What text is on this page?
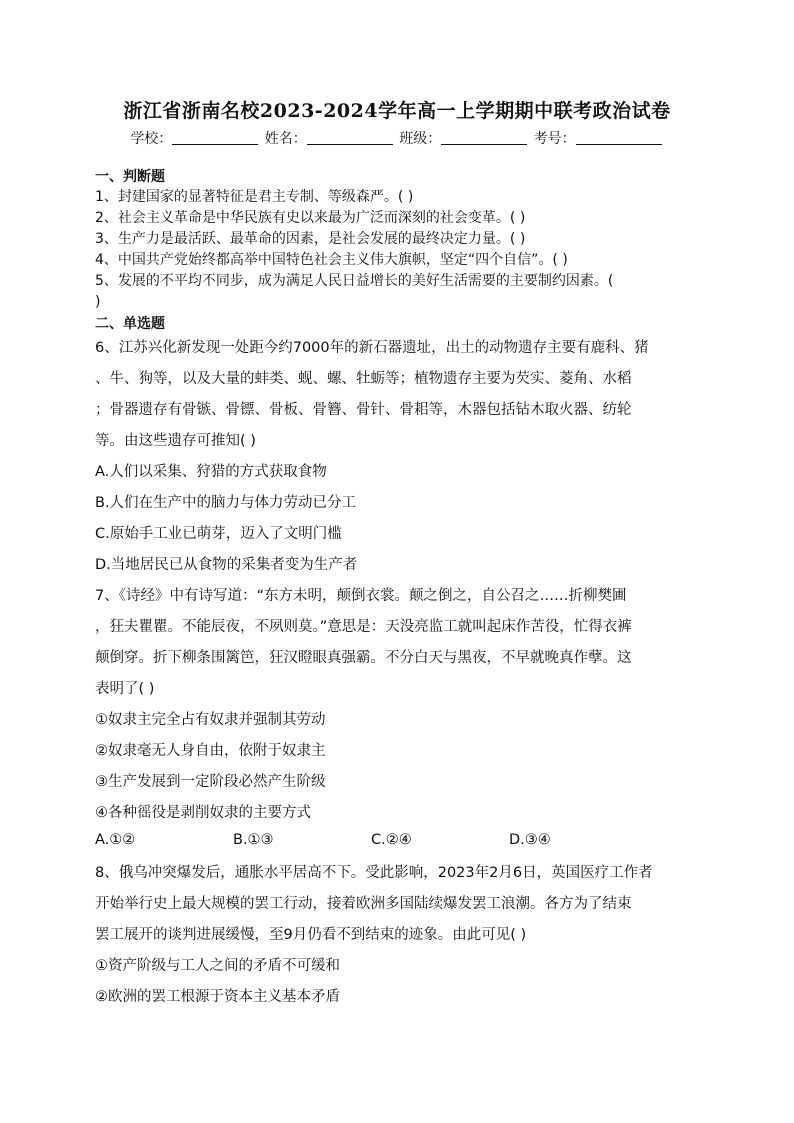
浙江省浙南名校2023-2024学年高一上学期期中联考政治试卷
学校：	姓名：	班级：	考号：
一、判断题
1、封建国家的显著特征是君主专制、等级森严。( )
2、社会主义革命是中华民族有史以来最为广泛而深刻的社会变革。( )
3、生产力是最活跃、最革命的因素，是社会发展的最终决定力量。( )
4、中国共产党始终都高举中国特色社会主义伟大旗帜，坚定“四个自信”。( )
5、发展的不平均不同步，成为满足人民日益增长的美好生活需要的主要制约因素。(
)
二、单选题
6、江苏兴化新发现一处距今约7000年的新石器遗址，出土的动物遗存主要有鹿科、猪
、牛、狗等，以及大量的蚌类、蚬、螺、牡蛎等；植物遗存主要为芡实、菱角、水稻
；骨器遗存有骨镞、骨镖、骨板、骨簪、骨针、骨耜等，木器包括钻木取火器、纺轮
等。由这些遗存可推知( )
A.人们以采集、狩猎的方式获取食物
B.人们在生产中的脑力与体力劳动已分工
C.原始手工业已萌芽，迈入了文明门槛
D.当地居民已从食物的采集者变为生产者
7、《诗经》中有诗写道：“东方未明，颠倒衣裳。颠之倒之，自公召之……折柳樊圃
，狂夫瞿瞿。不能辰夜，不夙则莫。”意思是：天没亮监工就叫起床作苦役，忙得衣裤
颠倒穿。折下柳条围篱笆，狂汉瞪眼真强霸。不分白天与黑夜，不早就晚真作孽。这
表明了( )
①奴隶主完全占有奴隶并强制其劳动
②奴隶毫无人身自由，依附于奴隶主
③生产发展到一定阶段必然产生阶级
④各种徭役是剥削奴隶的主要方式
A.①②	B.①③	C.②④	D.③④
8、俄乌冲突爆发后，通胀水平居高不下。受此影响，2023年2月6日，英国医疗工作者
开始举行史上最大规模的罢工行动，接着欧洲多国陆续爆发罢工浪潮。各方为了结束
罢工展开的谈判进展缓慢，至9月仍看不到结束的迹象。由此可见( )
①资产阶级与工人之间的矛盾不可缓和
②欧洲的罢工根源于资本主义基本矛盾
